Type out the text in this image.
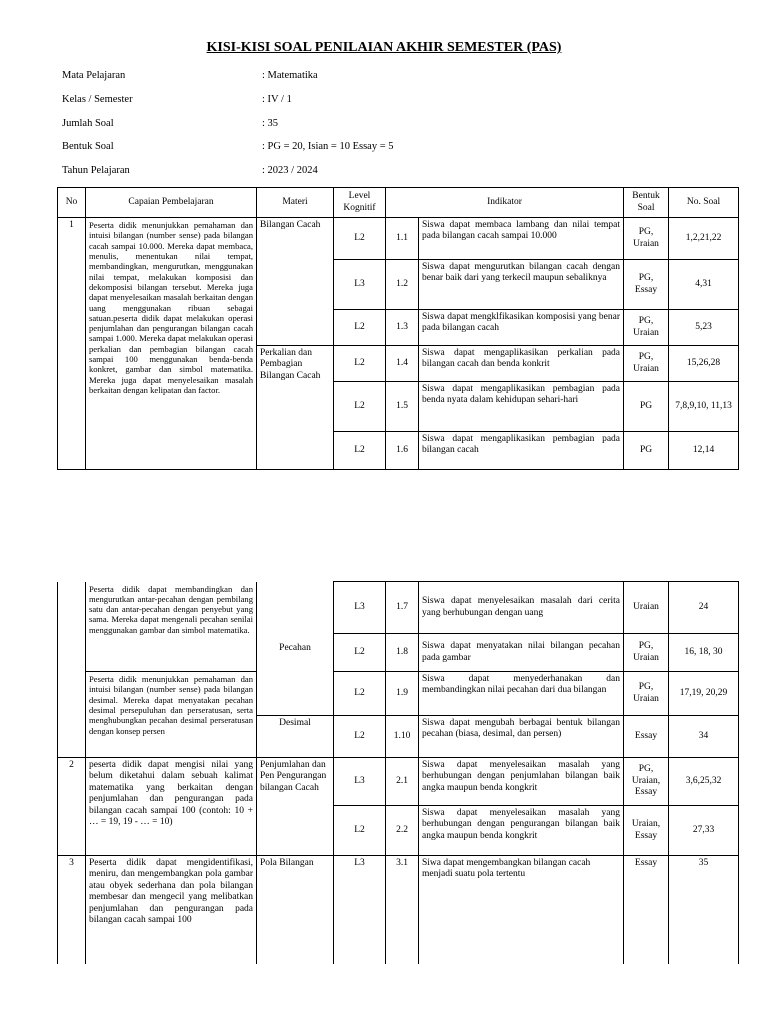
KISI-KISI SOAL PENILAIAN AKHIR SEMESTER (PAS)
Mata Pelajaran	: Matematika
Kelas / Semester	: IV / 1
Jumlah Soal	: 35
Bentuk Soal	: PG = 20, Isian = 10 Essay = 5
Tahun Pelajaran	: 2023 / 2024
No	Capaian Pembelajaran	Materi	Level Kognitif	Indikator		Bentuk Soal	No. Soal
1	Peserta didik menunjukkan pemahaman dan intuisi bilangan (number sense) pada bilangan cacah sampai 10.000. Mereka dapat membaca, menulis, menentukan nilai tempat, membandingkan, mengurutkan, menggunakan nilai tempat, melakukan komposisi dan dekomposisi bilangan tersebut. Mereka juga dapat menyelesaikan masalah berkaitan dengan uang menggunakan ribuan sebagai satuan.peserta didik dapat melakukan operasi penjumlahan dan pengurangan bilangan cacah sampai 1.000. Mereka dapat melakukan operasi perkalian dan pembagian bilangan cacah sampai 100 menggunakan benda-benda konkret, gambar dan simbol matematika. Mereka juga dapat menyelesaikan masalah berkaitan dengan kelipatan dan factor.	Bilangan Cacah	L2	1.1	Siswa dapat membaca lambang dan nilai tempat pada bilangan cacah sampai 10.000	PG, Uraian	1,2,21,22
			L3	1.2	Siswa dapat mengurutkan bilangan cacah dengan benar baik dari yang terkecil maupun sebaliknya	PG, Essay	4,31
			L2	1.3	Siswa dapat mengklfikasikan komposisi yang benar pada bilangan cacah	PG, Uraian	5,23
		Perkalian dan Pembagian Bilangan Cacah	L2	1.4	Siswa dapat mengaplikasikan perkalian pada bilangan cacah dan benda konkrit	PG, Uraian	15,26,28
			L2	1.5	Siswa dapat mengaplikasikan pembagian pada benda nyata dalam kehidupan sehari-hari	PG	7,8,9,10, 11,13
			L2	1.6	Siswa dapat mengaplikasikan pembagian pada bilangan cacah	PG	12,14
	Peserta didik dapat membandingkan dan mengurutkan antar-pecahan dengan pembilang satu dan antar-pecahan dengan penyebut yang sama. Mereka dapat mengenali pecahan senilai menggunakan gambar dan simbol matematika.	Pecahan	L3	1.7	Siswa dapat menyelesaikan masalah dari cerita yang berhubungan dengan uang	Uraian	24
			L2	1.8	Siswa dapat menyatakan nilai bilangan pecahan pada gambar	PG, Uraian	16, 18, 30
	Peserta didik menunjukkan pemahaman dan intuisi bilangan (number sense) pada bilangan desimal. Mereka dapat menyatakan pecahan desimal persepuluhan dan perseratusan, serta menghubungkan pecahan desimal perseratusan dengan konsep persen		L2	1.9	Siswa dapat menyederhanakan dan membandingkan nilai pecahan dari dua bilangan	PG, Uraian	17,19, 20,29
		Desimal	L2	1.10	Siswa dapat mengubah berbagai bentuk bilangan pecahan (biasa, desimal, dan persen)	Essay	34
2	peserta didik dapat mengisi nilai yang belum diketahui dalam sebuah kalimat matematika yang berkaitan dengan penjumlahan dan pengurangan pada bilangan cacah sampai 100 (contoh: 10 + … = 19, 19 - … = 10)	Penjumlahan dan Pen Pengurangan bilangan Cacah	L3	2.1	Siswa dapat menyelesaikan masalah yang berhubungan dengan penjumlahan bilangan baik angka maupun benda kongkrit	PG, Uraian, Essay	3,6,25,32
			L2	2.2	Siswa dapat menyelesaikan masalah yang berhubungan dengan pengurangan bilangan baik angka maupun benda kongkrit	Uraian, Essay	27,33
3	Peserta didik dapat mengidentifikasi, meniru, dan mengembangkan pola gambar atau obyek sederhana dan pola bilangan membesar dan mengecil yang melibatkan penjumlahan dan pengurangan pada bilangan cacah sampai 100	Pola Bilangan	L3	3.1	Siwa dapat mengembangkan bilangan cacah menjadi suatu pola tertentu	Essay	35
